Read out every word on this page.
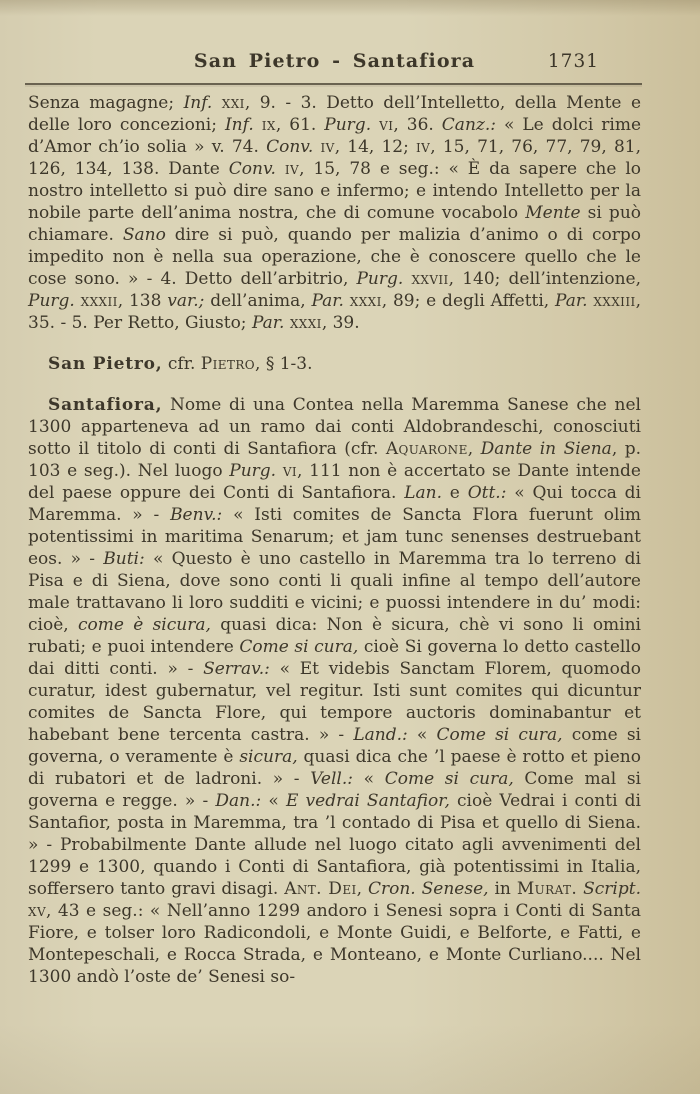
San Pietro - Santafiora	1731

Senza magagne; Inf. xxi, 9. - 3. Detto dell’Intelletto, della Mente e delle loro concezioni; Inf. ix, 61. Purg. vi, 36. Canz.: « Le dolci rime d’Amor ch’io solia » v. 74. Conv. iv, 14, 12; iv, 15, 71, 76, 77, 79, 81, 126, 134, 138. Dante Conv. iv, 15, 78 e seg.: « È da sapere che lo nostro intelletto si può dire sano e infermo; e intendo Intelletto per la nobile parte dell’anima nostra, che di comune vocabolo Mente si può chiamare. Sano dire si può, quando per malizia d’animo o di corpo impedito non è nella sua operazione, che è conoscere quello che le cose sono. » - 4. Detto dell’arbitrio, Purg. xxvii, 140; dell’intenzione, Purg. xxxii, 138 var.; dell’anima, Par. xxxi, 89; e degli Affetti, Par. xxxiii, 35. - 5. Per Retto, Giusto; Par. xxxi, 39.

San Pietro, cfr. Pietro, § 1-3.

Santafiora, Nome di una Contea nella Maremma Sanese che nel 1300 apparteneva ad un ramo dai conti Aldobrandeschi, conosciuti sotto il titolo di conti di Santafiora (cfr. Aquarone, Dante in Siena, p. 103 e seg.). Nel luogo Purg. vi, 111 non è accertato se Dante intende del paese oppure dei Conti di Santafiora. Lan. e Ott.: « Qui tocca di Maremma. » - Benv.: « Isti comites de Sancta Flora fuerunt olim potentissimi in maritima Senarum; et jam tunc senenses destruebant eos. » - Buti: « Questo è uno castello in Maremma tra lo terreno di Pisa e di Siena, dove sono conti li quali infine al tempo dell’autore male trattavano li loro sudditi e vicini; e puossi intendere in du’ modi: cioè, come è sicura, quasi dica: Non è sicura, chè vi sono li omini rubati; e puoi intendere Come si cura, cioè Si governa lo detto castello dai ditti conti. » - Serrav.: « Et videbis Sanctam Florem, quomodo curatur, idest gubernatur, vel regitur. Isti sunt comites qui dicuntur comites de Sancta Flore, qui tempore auctoris dominabantur et habebant bene tercenta castra. » - Land.: « Come si cura, come si governa, o veramente è sicura, quasi dica che ’l paese è rotto et pieno di rubatori et de ladroni. » - Vell.: « Come si cura, Come mal si governa e regge. » - Dan.: « E vedrai Santafior, cioè Vedrai i conti di Santafior, posta in Maremma, tra ’l contado di Pisa et quello di Siena. » - Probabilmente Dante allude nel luogo citato agli avvenimenti del 1299 e 1300, quando i Conti di Santafiora, già potentissimi in Italia, soffersero tanto gravi disagi. Ant. Dei, Cron. Senese, in Murat. Script. xv, 43 e seg.: « Nell’anno 1299 andoro i Senesi sopra i Conti di Santa Fiore, e tolser loro Radicondoli, e Monte Guidi, e Belforte, e Fatti, e Montepeschali, e Rocca Strada, e Monteano, e Monte Curliano.... Nel 1300 andò l’oste de’ Senesi so-
